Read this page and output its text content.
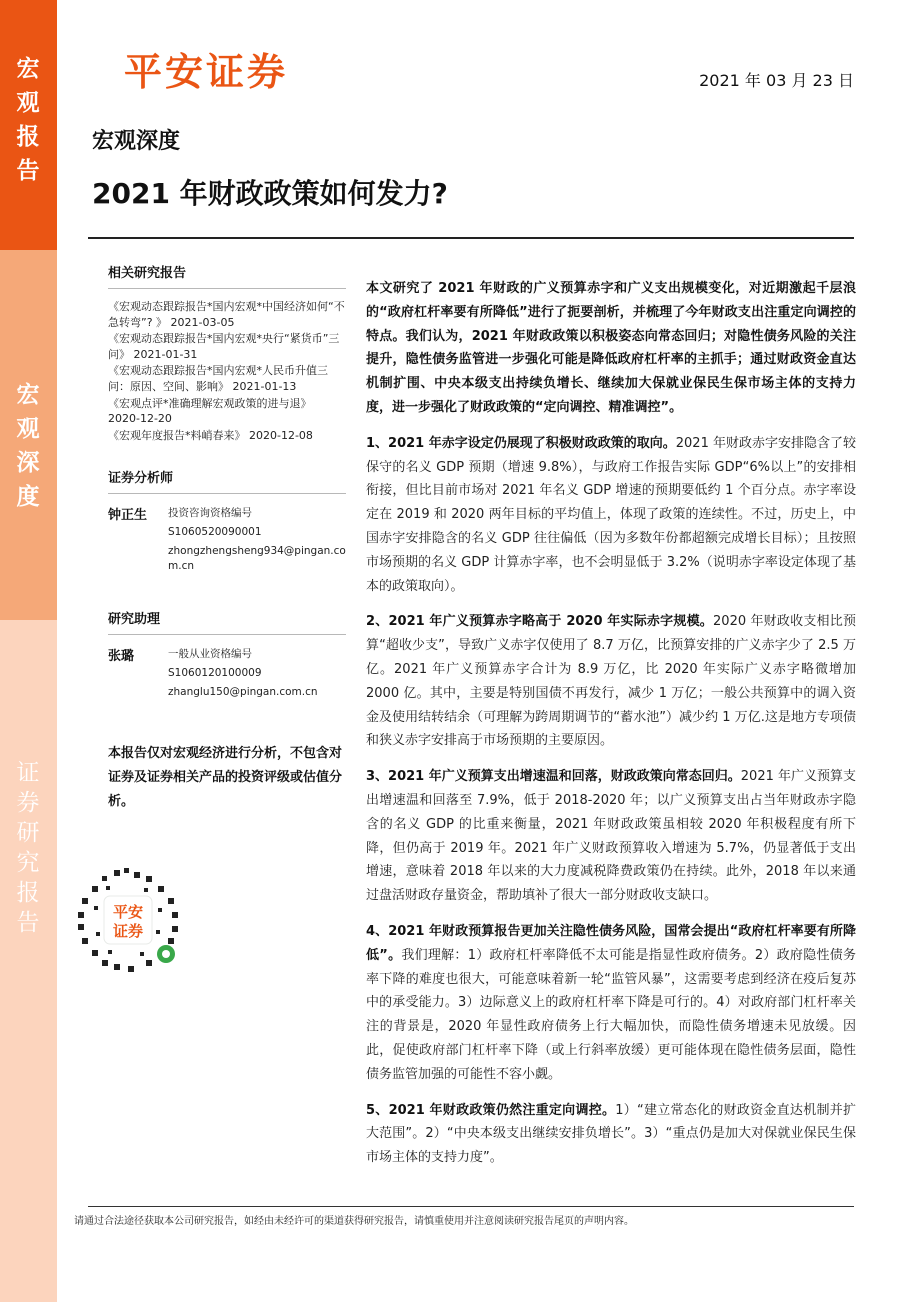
宏观报告
宏观深度
证券研究报告
平安证券	2021 年 03 月 23 日
宏观深度
2021 年财政政策如何发力?
相关研究报告
《宏观动态跟踪报告*国内宏观*中国经济如何“不急转弯”? 》 2021-03-05
《宏观动态跟踪报告*国内宏观*央行“紧货币”三问》 2021-01-31
《宏观动态跟踪报告*国内宏观*人民币升值三问：原因、空间、影响》 2021-01-13
《宏观点评*准确理解宏观政策的进与退》 2020-12-20
《宏观年度报告*料峭春来》 2020-12-08
证券分析师
钟正生	投资咨询资格编号
S1060520090001
zhongzhengsheng934@pingan.com.cn
研究助理
张璐	一般从业资格编号
S1060120100009
zhanglu150@pingan.com.cn
本报告仅对宏观经济进行分析，不包含对证券及证券相关产品的投资评级或估值分析。
平安
证券

本文研究了 2021 年财政的广义预算赤字和广义支出规模变化，对近期激起千层浪的“政府杠杆率要有所降低”进行了扼要剖析，并梳理了今年财政支出注重定向调控的特点。我们认为，2021 年财政政策以积极姿态向常态回归；对隐性债务风险的关注提升，隐性债务监管进一步强化可能是降低政府杠杆率的主抓手；通过财政资金直达机制扩围、中央本级支出持续负增长、继续加大保就业保民生保市场主体的支持力度，进一步强化了财政政策的“定向调控、精准调控”。

1、2021 年赤字设定仍展现了积极财政政策的取向。2021 年财政赤字安排隐含了较保守的名义 GDP 预期（增速 9.8%），与政府工作报告实际 GDP“6%以上”的安排相衔接，但比目前市场对 2021 年名义 GDP 增速的预期要低约 1 个百分点。赤字率设定在 2019 和 2020 两年目标的平均值上，体现了政策的连续性。不过，历史上，中国赤字安排隐含的名义 GDP 往往偏低（因为多数年份都超额完成增长目标）；且按照市场预期的名义 GDP 计算赤字率，也不会明显低于 3.2%（说明赤字率设定体现了基本的政策取向）。

2、2021 年广义预算赤字略高于 2020 年实际赤字规模。2020 年财政收支相比预算“超收少支”，导致广义赤字仅使用了 8.7 万亿，比预算安排的广义赤字少了 2.5 万亿。2021 年广义预算赤字合计为 8.9 万亿，比 2020 年实际广义赤字略微增加 2000 亿。其中，主要是特别国债不再发行，减少 1 万亿；一般公共预算中的调入资金及使用结转结余（可理解为跨周期调节的“蓄水池”）减少约 1 万亿.这是地方专项债和狭义赤字安排高于市场预期的主要原因。

3、2021 年广义预算支出增速温和回落，财政政策向常态回归。2021 年广义预算支出增速温和回落至 7.9%，低于 2018-2020 年；以广义预算支出占当年财政赤字隐含的名义 GDP 的比重来衡量，2021 年财政政策虽相较 2020 年积极程度有所下降，但仍高于 2019 年。2021 年广义财政预算收入增速为 5.7%，仍显著低于支出增速，意味着 2018 年以来的大力度减税降费政策仍在持续。此外，2018 年以来通过盘活财政存量资金，帮助填补了很大一部分财政收支缺口。

4、2021 年财政预算报告更加关注隐性债务风险，国常会提出“政府杠杆率要有所降低”。我们理解：1）政府杠杆率降低不太可能是指显性政府债务。2）政府隐性债务率下降的难度也很大，可能意味着新一轮“监管风暴”，这需要考虑到经济在疫后复苏中的承受能力。3）边际意义上的政府杠杆率下降是可行的。4）对政府部门杠杆率关注的背景是，2020 年显性政府债务上行大幅加快，而隐性债务增速未见放缓。因此，促使政府部门杠杆率下降（或上行斜率放缓）更可能体现在隐性债务层面，隐性债务监管加强的可能性不容小觑。

5、2021 年财政政策仍然注重定向调控。1）“建立常态化的财政资金直达机制并扩大范围”。2）“中央本级支出继续安排负增长”。3）“重点仍是加大对保就业保民生保市场主体的支持力度”。

请通过合法途径获取本公司研究报告，如经由未经许可的渠道获得研究报告，请慎重使用并注意阅读研究报告尾页的声明内容。
